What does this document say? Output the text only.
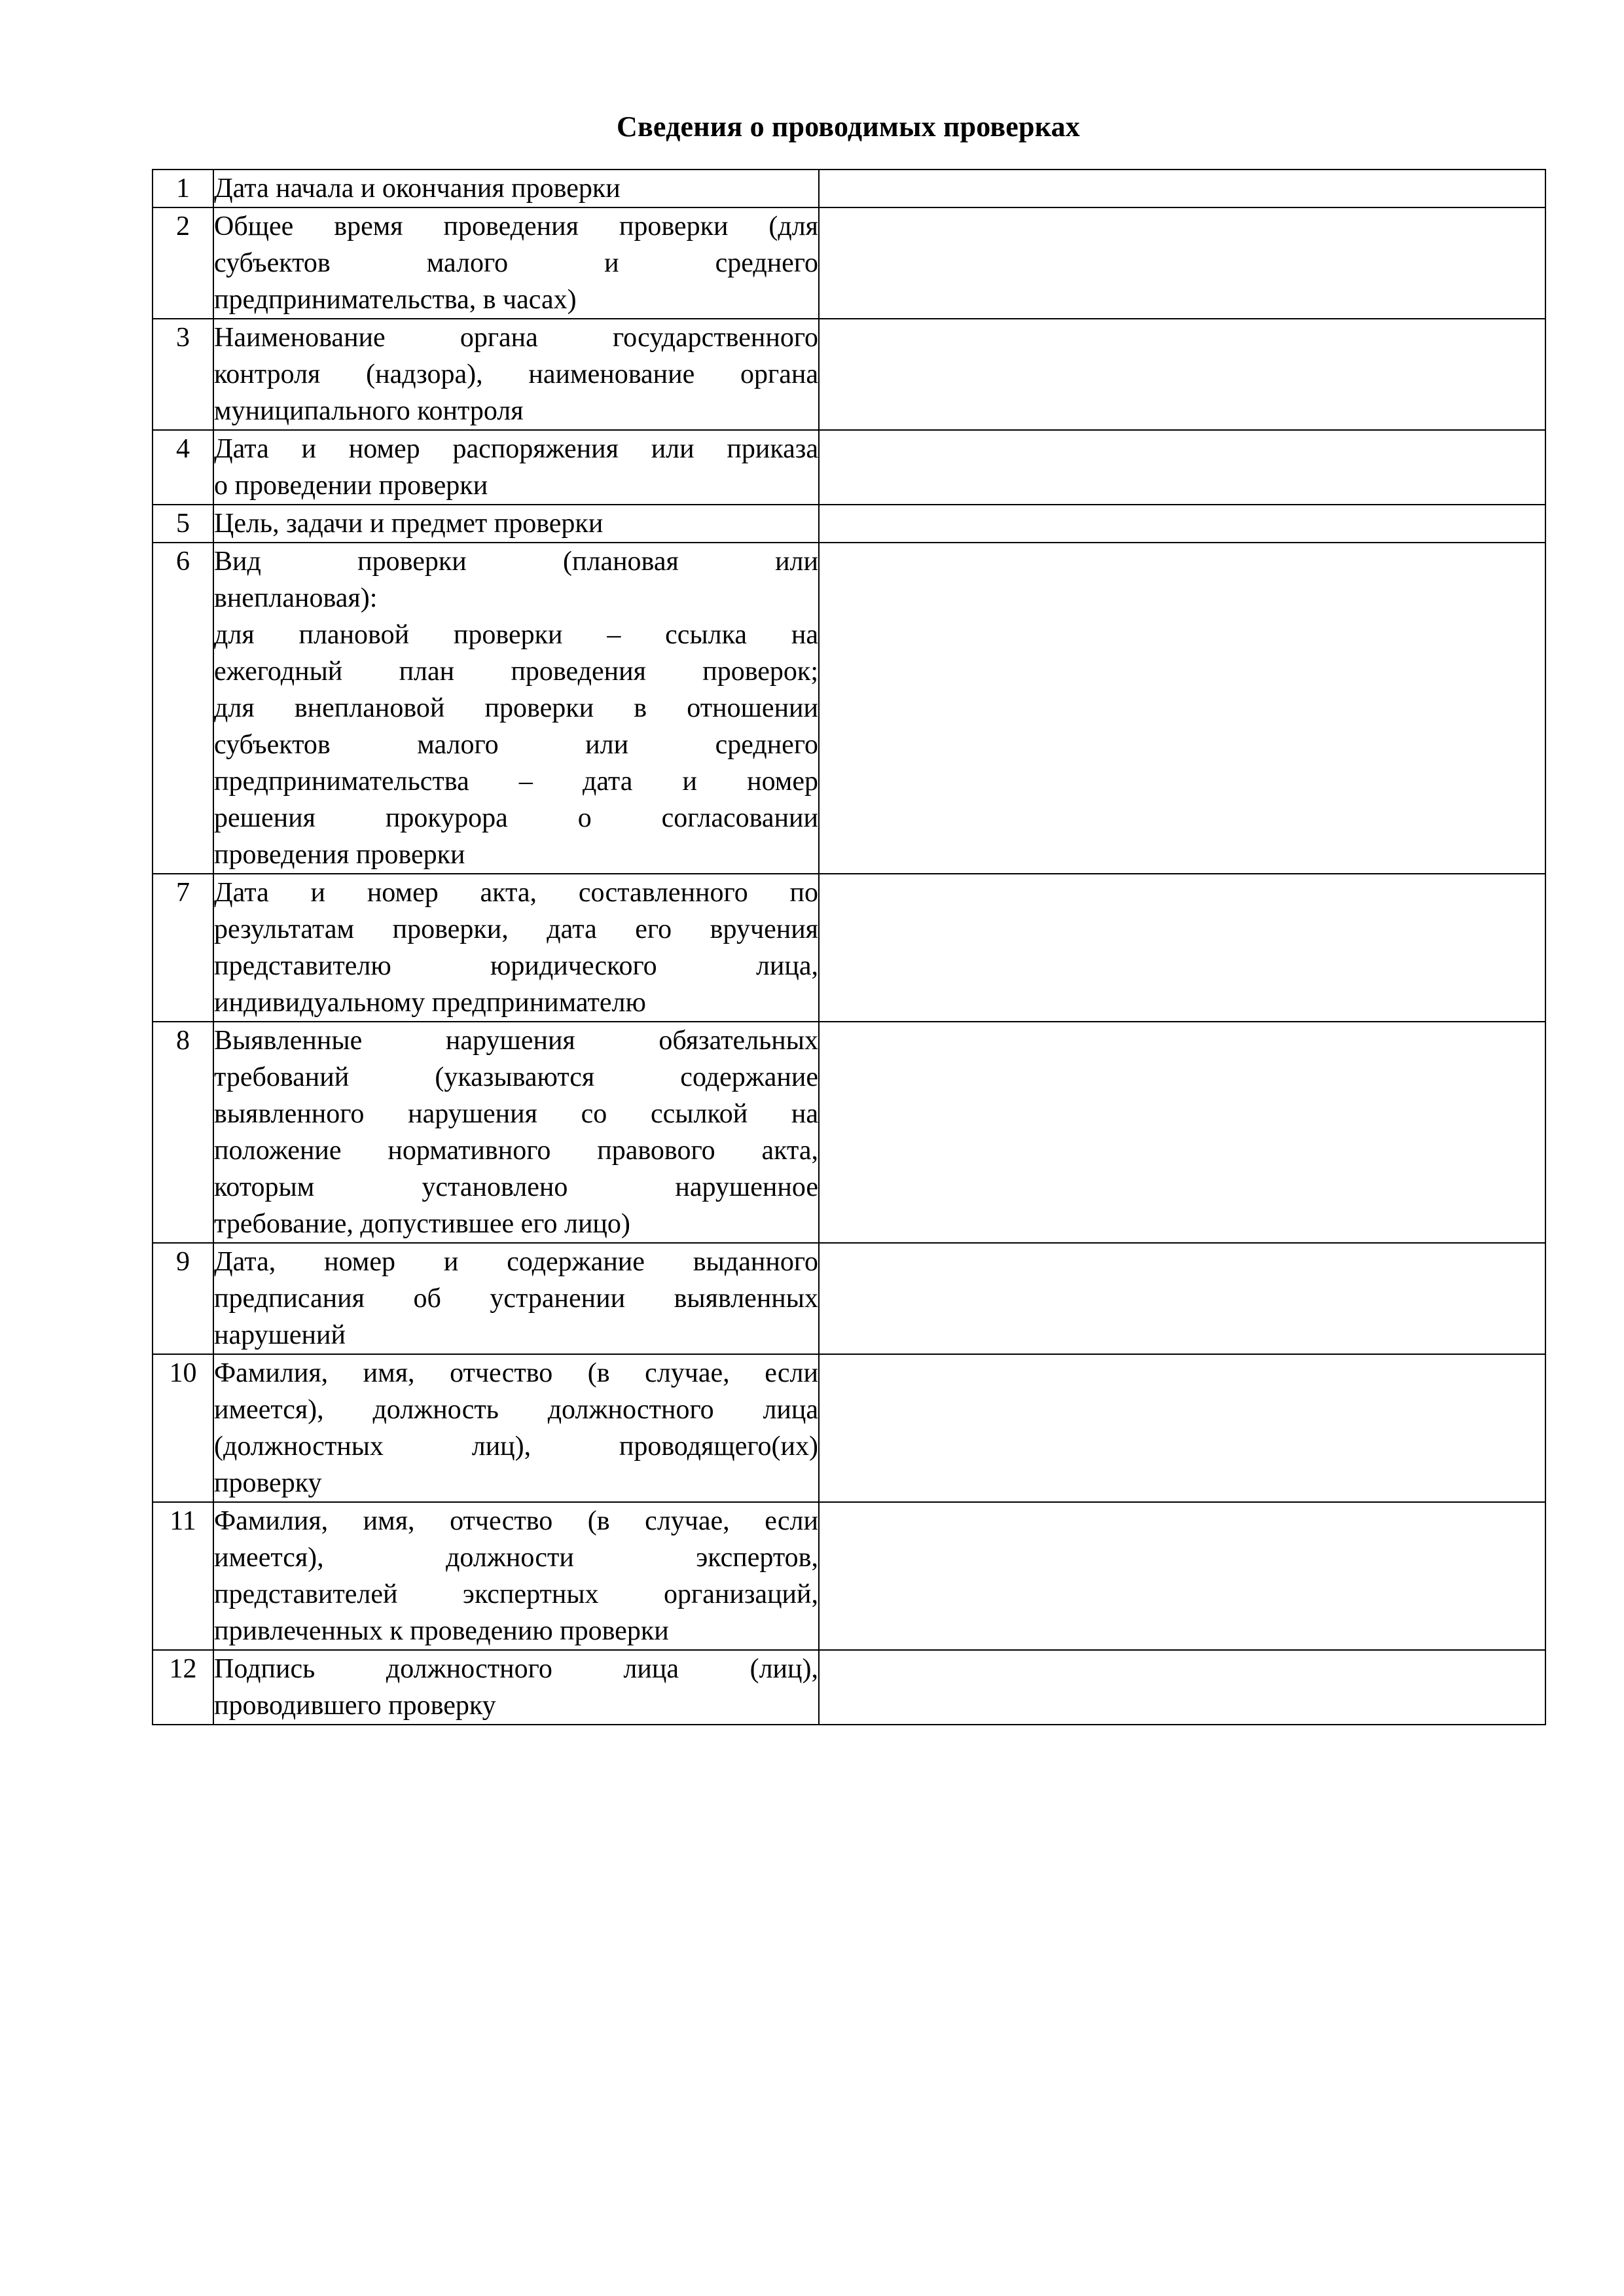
Сведения о проводимых проверках
1	Дата начала и окончания проверки	

2	Общее время проведения проверки (для
субъектов малого и среднего
предпринимательства, в часах)	

3	Наименование органа государственного
контроля (надзора), наименование органа
муниципального контроля	

4	Дата и номер распоряжения или приказа
о проведении проверки	

5	Цель, задачи и предмет проверки	

6	Вид проверки (плановая или
внеплановая):
для плановой проверки – ссылка на
ежегодный план проведения проверок;
для внеплановой проверки в отношении
субъектов малого или среднего
предпринимательства – дата и номер
решения прокурора о согласовании
проведения проверки

7	Дата и номер акта, составленного по
результатам проверки, дата его вручения
представителю юридического лица,
индивидуальному предпринимателю	

8	Выявленные нарушения обязательных
требований (указываются содержание
выявленного нарушения со ссылкой на
положение нормативного правового акта,
которым установлено нарушенное
требование, допустившее его лицо)

9	Дата, номер и содержание выданного
предписания об устранении выявленных
нарушений	

10	Фамилия, имя, отчество (в случае, если
имеется), должность должностного лица
(должностных лиц), проводящего(их)
проверку	

11	Фамилия, имя, отчество (в случае, если
имеется), должности экспертов,
представителей экспертных организаций,
привлеченных к проведению проверки	

12	Подпись должностного лица (лиц),
проводившего проверку	
